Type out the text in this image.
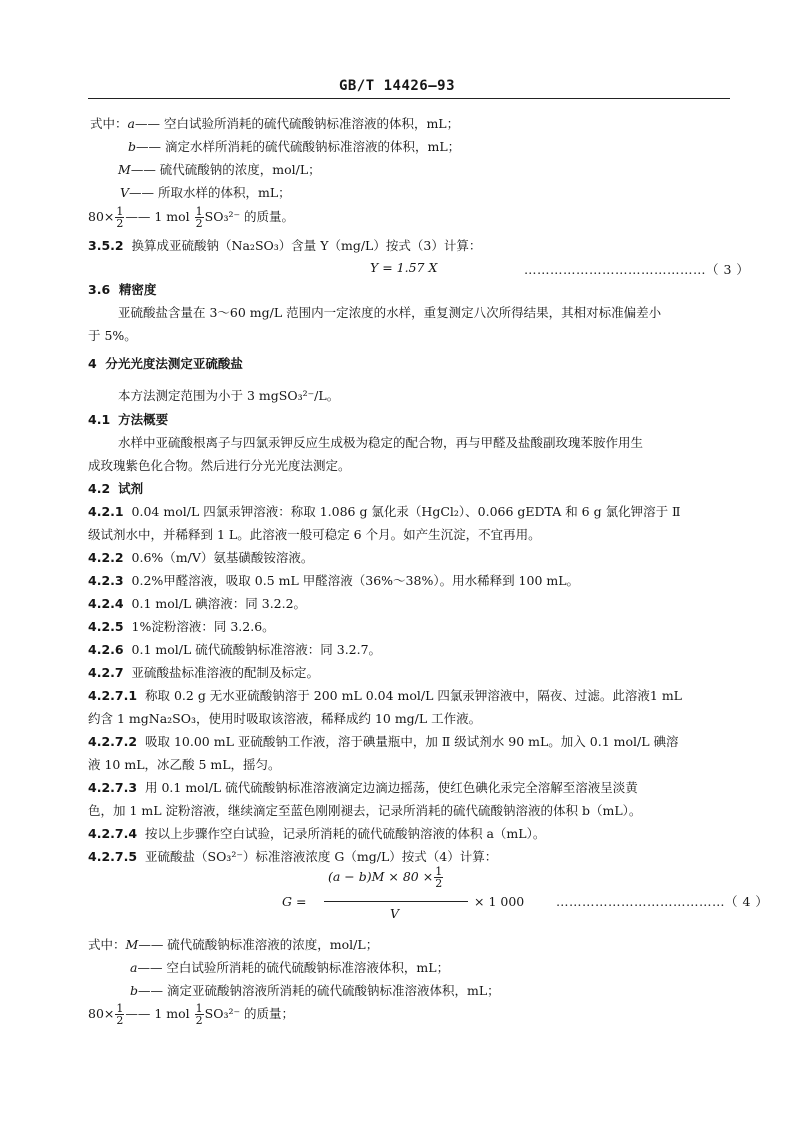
GB/T 14426—93
式中：a—— 空白试验所消耗的硫代硫酸钠标准溶液的体积，mL；
b—— 滴定水样所消耗的硫代硫酸钠标准溶液的体积，mL；
M—— 硫代硫酸钠的浓度，mol/L；
V—— 所取水样的体积，mL；
$80\times \frac{1}{2}$ —— 1 mol $\frac{1}{2} SO_3^{2-}$ 的质量。
3.5.2 换算成亚硫酸钠（Na₂SO₃）含量 Y（mg/L）按式（3）计算：
Y = 1.57 X	……………………………………（ 3 ）
3.6 精密度
亚硫酸盐含量在 3～60 mg/L 范围内一定浓度的水样，重复测定八次所得结果，其相对标准偏差小
于 5%。
4 分光光度法测定亚硫酸盐
本方法测定范围为小于 3 mgSO₃²⁻/L。
4.1 方法概要
水样中亚硫酸根离子与四氯汞钾反应生成极为稳定的配合物，再与甲醛及盐酸副玫瑰苯胺作用生
成玫瑰紫色化合物。然后进行分光光度法测定。
4.2 试剂
4.2.1 0.04 mol/L 四氯汞钾溶液：称取 1.086 g 氯化汞（HgCl₂）、0.066 gEDTA 和 6 g 氯化钾溶于 Ⅱ
级试剂水中，并稀释到 1 L。此溶液一般可稳定 6 个月。如产生沉淀，不宜再用。
4.2.2 0.6%（m/V）氨基磺酸铵溶液。
4.2.3 0.2%甲醛溶液，吸取 0.5 mL 甲醛溶液（36%～38%）。用水稀释到 100 mL。
4.2.4 0.1 mol/L 碘溶液：同 3.2.2。
4.2.5 1%淀粉溶液：同 3.2.6。
4.2.6 0.1 mol/L 硫代硫酸钠标准溶液：同 3.2.7。
4.2.7 亚硫酸盐标准溶液的配制及标定。
4.2.7.1 称取 0.2 g 无水亚硫酸钠溶于 200 mL 0.04 mol/L 四氯汞钾溶液中，隔夜、过滤。此溶液1 mL
约含 1 mgNa₂SO₃，使用时吸取该溶液，稀释成约 10 mg/L 工作液。
4.2.7.2 吸取 10.00 mL 亚硫酸钠工作液，溶于碘量瓶中，加 Ⅱ 级试剂水 90 mL。加入 0.1 mol/L 碘溶
液 10 mL，冰乙酸 5 mL，摇匀。
4.2.7.3 用 0.1 mol/L 硫代硫酸钠标准溶液滴定边滴边摇荡，使红色碘化汞完全溶解至溶液呈淡黄
色，加 1 mL 淀粉溶液，继续滴定至蓝色刚刚褪去，记录所消耗的硫代硫酸钠溶液的体积 b（mL）。
4.2.7.4 按以上步骤作空白试验，记录所消耗的硫代硫酸钠溶液的体积 a（mL）。
4.2.7.5 亚硫酸盐（SO₃²⁻）标准溶液浓度 G（mg/L）按式（4）计算：
G =
$(a - b)M \times 80 \times \frac{1}{2}$
V
× 1 000	…………………………………（ 4 ）
式中：M—— 硫代硫酸钠标准溶液的浓度，mol/L；
a—— 空白试验所消耗的硫代硫酸钠标准溶液体积，mL；
b—— 滴定亚硫酸钠溶液所消耗的硫代硫酸钠标准溶液体积，mL；
$80\times \frac{1}{2}$ —— 1 mol $\frac{1}{2} SO_3^{2-}$ 的质量；
